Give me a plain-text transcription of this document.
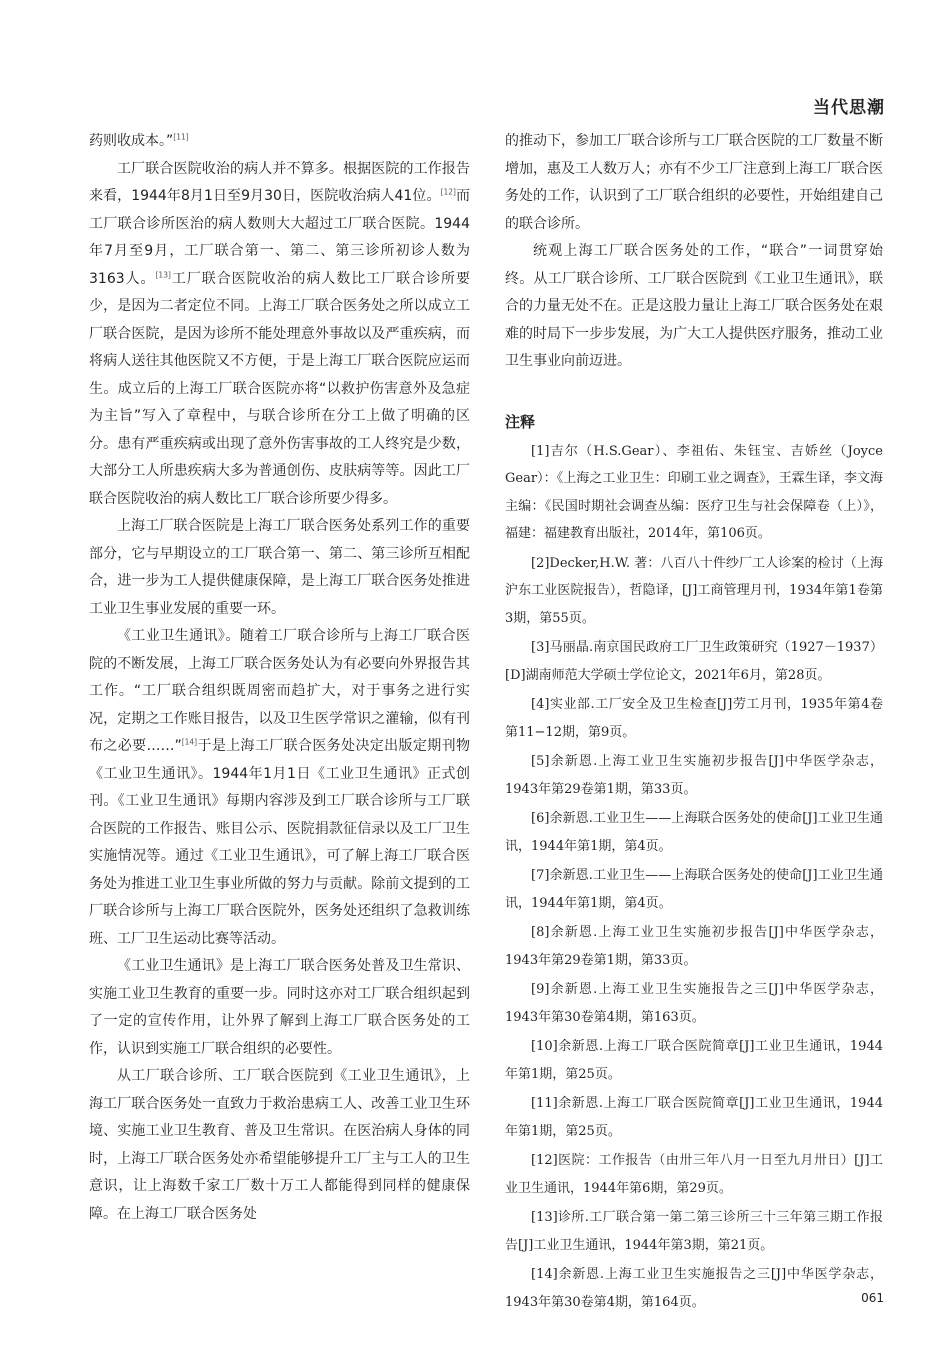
当代思潮

药则收成本。”[11]

工厂联合医院收治的病人并不算多。根据医院的工作报告来看，1944年8月1日至9月30日，医院收治病人41位。[12]而工厂联合诊所医治的病人数则大大超过工厂联合医院。1944年7月至9月，工厂联合第一、第二、第三诊所初诊人数为3163人。[13]工厂联合医院收治的病人数比工厂联合诊所要少，是因为二者定位不同。上海工厂联合医务处之所以成立工厂联合医院，是因为诊所不能处理意外事故以及严重疾病，而将病人送往其他医院又不方便，于是上海工厂联合医院应运而生。成立后的上海工厂联合医院亦将“以救护伤害意外及急症为主旨”写入了章程中，与联合诊所在分工上做了明确的区分。患有严重疾病或出现了意外伤害事故的工人终究是少数，大部分工人所患疾病大多为普通创伤、皮肤病等等。因此工厂联合医院收治的病人数比工厂联合诊所要少得多。

上海工厂联合医院是上海工厂联合医务处系列工作的重要部分，它与早期设立的工厂联合第一、第二、第三诊所互相配合，进一步为工人提供健康保障，是上海工厂联合医务处推进工业卫生事业发展的重要一环。

《工业卫生通讯》。随着工厂联合诊所与上海工厂联合医院的不断发展，上海工厂联合医务处认为有必要向外界报告其工作。“工厂联合组织既周密而趋扩大，对于事务之进行实况，定期之工作账目报告，以及卫生医学常识之灌输，似有刊布之必要……”[14]于是上海工厂联合医务处决定出版定期刊物《工业卫生通讯》。1944年1月1日《工业卫生通讯》正式创刊。《工业卫生通讯》每期内容涉及到工厂联合诊所与工厂联合医院的工作报告、账目公示、医院捐款征信录以及工厂卫生实施情况等。通过《工业卫生通讯》，可了解上海工厂联合医务处为推进工业卫生事业所做的努力与贡献。除前文提到的工厂联合诊所与上海工厂联合医院外，医务处还组织了急救训练班、工厂卫生运动比赛等活动。

《工业卫生通讯》是上海工厂联合医务处普及卫生常识、实施工业卫生教育的重要一步。同时这亦对工厂联合组织起到了一定的宣传作用，让外界了解到上海工厂联合医务处的工作，认识到实施工厂联合组织的必要性。

从工厂联合诊所、工厂联合医院到《工业卫生通讯》，上海工厂联合医务处一直致力于救治患病工人、改善工业卫生环境、实施工业卫生教育、普及卫生常识。在医治病人身体的同时，上海工厂联合医务处亦希望能够提升工厂主与工人的卫生意识，让上海数千家工厂数十万工人都能得到同样的健康保障。在上海工厂联合医务处

的推动下，参加工厂联合诊所与工厂联合医院的工厂数量不断增加，惠及工人数万人；亦有不少工厂注意到上海工厂联合医务处的工作，认识到了工厂联合组织的必要性，开始组建自己的联合诊所。

统观上海工厂联合医务处的工作，“联合”一词贯穿始终。从工厂联合诊所、工厂联合医院到《工业卫生通讯》，联合的力量无处不在。正是这股力量让上海工厂联合医务处在艰难的时局下一步步发展，为广大工人提供医疗服务，推动工业卫生事业向前迈进。

注释

[1]吉尔（H.S.Gear）、李祖佑、朱钰宝、吉娇丝（Joyce Gear）：《上海之工业卫生：印刷工业之调查》，王霖生译，李文海主编：《民国时期社会调查丛编：医疗卫生与社会保障卷（上）》，福建：福建教育出版社，2014年，第106页。

[2]Decker,H.W. 著：八百八十件纱厂工人诊案的检讨（上海沪东工业医院报告），哲隐译，[J]工商管理月刊，1934年第1卷第3期，第55页。

[3]马丽晶.南京国民政府工厂卫生政策研究（1927－1937）[D]湖南师范大学硕士学位论文，2021年6月，第28页。

[4]实业部.工厂安全及卫生检查[J]劳工月刊，1935年第4卷第11−12期，第9页。

[5]余新恩.上海工业卫生实施初步报告[J]中华医学杂志，1943年第29卷第1期，第33页。

[6]余新恩.工业卫生——上海联合医务处的使命[J]工业卫生通讯，1944年第1期，第4页。

[7]余新恩.工业卫生——上海联合医务处的使命[J]工业卫生通讯，1944年第1期，第4页。

[8]余新恩.上海工业卫生实施初步报告[J]中华医学杂志，1943年第29卷第1期，第33页。

[9]余新恩.上海工业卫生实施报告之三[J]中华医学杂志，1943年第30卷第4期，第163页。

[10]余新恩.上海工厂联合医院简章[J]工业卫生通讯，1944年第1期，第25页。

[11]余新恩.上海工厂联合医院简章[J]工业卫生通讯，1944年第1期，第25页。

[12]医院：工作报告（由卅三年八月一日至九月卅日）[J]工业卫生通讯，1944年第6期，第29页。

[13]诊所.工厂联合第一第二第三诊所三十三年第三期工作报告[J]工业卫生通讯，1944年第3期，第21页。

[14]余新恩.上海工业卫生实施报告之三[J]中华医学杂志，1943年第30卷第4期，第164页。	061
